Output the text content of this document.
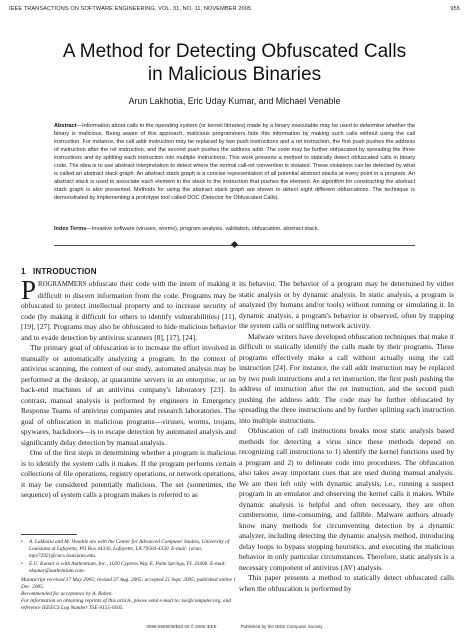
IEEE TRANSACTIONS ON SOFTWARE ENGINEERING, VOL. 31, NO. 11, NOVEMBER 2005	955
A Method for Detecting Obfuscated Calls
in Malicious Binaries
Arun Lakhotia, Eric Uday Kumar, and Michael Venable
Abstract—Information about calls to the operating system (or kernel libraries) made by a binary executable may be used to determine whether the binary is malicious. Being aware of this approach, malicious programmers hide this information by making such calls without using the call instruction. For instance, the call addr instruction may be replaced by two push instructions and a ret instruction, the first push pushes the address of instruction after the ret instruction, and the second push pushes the address addr. The code may be further obfuscated by spreading the three instructions and by splitting each instruction into multiple instructions. This work presents a method to statically detect obfuscated calls in binary code. The idea is to use abstract interpretation to detect where the normal call-ret convention is violated. These violations can be detected by what is called an abstract stack graph. An abstract stack graph is a concise representation of all potential abstract stacks at every point in a program. An abstract stack is used to associate each element in the stack to the instruction that pushes the element. An algorithm for constructing the abstract stack graph is also presented. Methods for using the abstract stack graph are shown to detect eight different obfuscations. The technique is demonstrated by implementing a prototype tool called DOC (Detector for Obfuscated Calls).
Index Terms—Invasive software (viruses, worms), program analysis, validation, obfuscation, abstract stack.
1 INTRODUCTION

PROGRAMMERS obfuscate their code with the intent of making it difficult to discern information from the code. Programs may be obfuscated to protect intellectual property and to increase security of code (by making it difficult for others to identify vulnerabilities) [11], [19], [27]. Programs may also be obfuscated to hide malicious behavior and to evade detection by antivirus scanners [8], [17], [24].

The primary goal of obfuscation is to increase the effort involved in manually or automatically analyzing a program. In the context of antivirus scanning, the context of our study, automated analysis may be performed at the desktop, at quarantine servers in an enterprise, or on back-end machines of an antivirus company's laboratory [23]. In contrast, manual analysis is performed by engineers in Emergency Response Teams of antivirus companies and research laboratories. The goal of obfuscation in malicious programs—viruses, worms, trojans, spywares, backdoors—is to escape detection by automated analysis and significantly delay detection by manual analysis.

One of the first steps in determining whether a program is malicious is to identify the system calls it makes. If the program performs certain collections of file operations, registry operations, or network operations, it may be considered potentially malicious. The set (sometimes, the sequence) of system calls a program makes is referred to as

its behavior. The behavior of a program may be determined by either static analysis or by dynamic analysis. In static analysis, a program is analyzed (by humans and/or tools) without running or simulating it. In dynamic analysis, a program's behavior is observed, often by trapping the system calls or sniffing network activity.

Malware writers have developed obfuscation techniques that make it difficult to statically identify the calls made by their programs. These programs effectively make a call without actually using the call instruction [24]. For instance, the call addr instruction may be replaced by two push instructions and a ret instruction, the first push pushing the address of instruction after the ret instruction, and the second push pushing the address addr. The code may be further obfuscated by spreading the three instructions and by further splitting each instruction into multiple instructions.

Obfuscation of call instructions breaks most static analysis based methods for detecting a virus since these methods depend on recognizing call instructions to 1) identify the kernel functions used by a program and 2) to delineate code into procedures. The obfuscation also takes away important cues that are used during manual analysis. We are then left only with dynamic analysis, i.e., running a suspect program in an emulator and observing the kernel calls it makes. While dynamic analysis is helpful and often necessary, they are often cumbersome, time-consuming, and fallible. Malware authors already know many methods for circumventing detection by a dynamic analyzer, including detecting the dynamic analysis method, introducing delay loops to bypass stopping heuristics, and executing the malicious behavior in only particular circumstances. Therefore, static analysis is a necessary component of antivirus (AV) analysis.

This paper presents a method to statically detect obfuscated calls when the obfuscation is performed by

•	A. Lakhotia and M. Venable are with the Center for Advanced Computer Studies, University of Louisiana at Lafayette, PO Box 44330, Lafayette, LA 70504-4330. E-mail: {arun, mpv7292}@cacs.louisiana.edu.
•	E.U. Kumar is with Authentium, Inc., 1020 Cypress Way E, Palm Springs, FL 33406. E-mail: ekumar@authentium.com.

Manuscript received 17 May 2005; revised 27 Aug. 2005; accepted 21 Sept. 2005; published online 1 Dec. 2005.

Recommended for acceptance by A. Raben.

For information on obtaining reprints of this article, please send e-mail to: tse@computer.org, and reference IEEECS Log Number TSE-0155-0505.

0098-5589/05/$20.00 © 2005 IEEE	Published by the IEEE Computer Society
